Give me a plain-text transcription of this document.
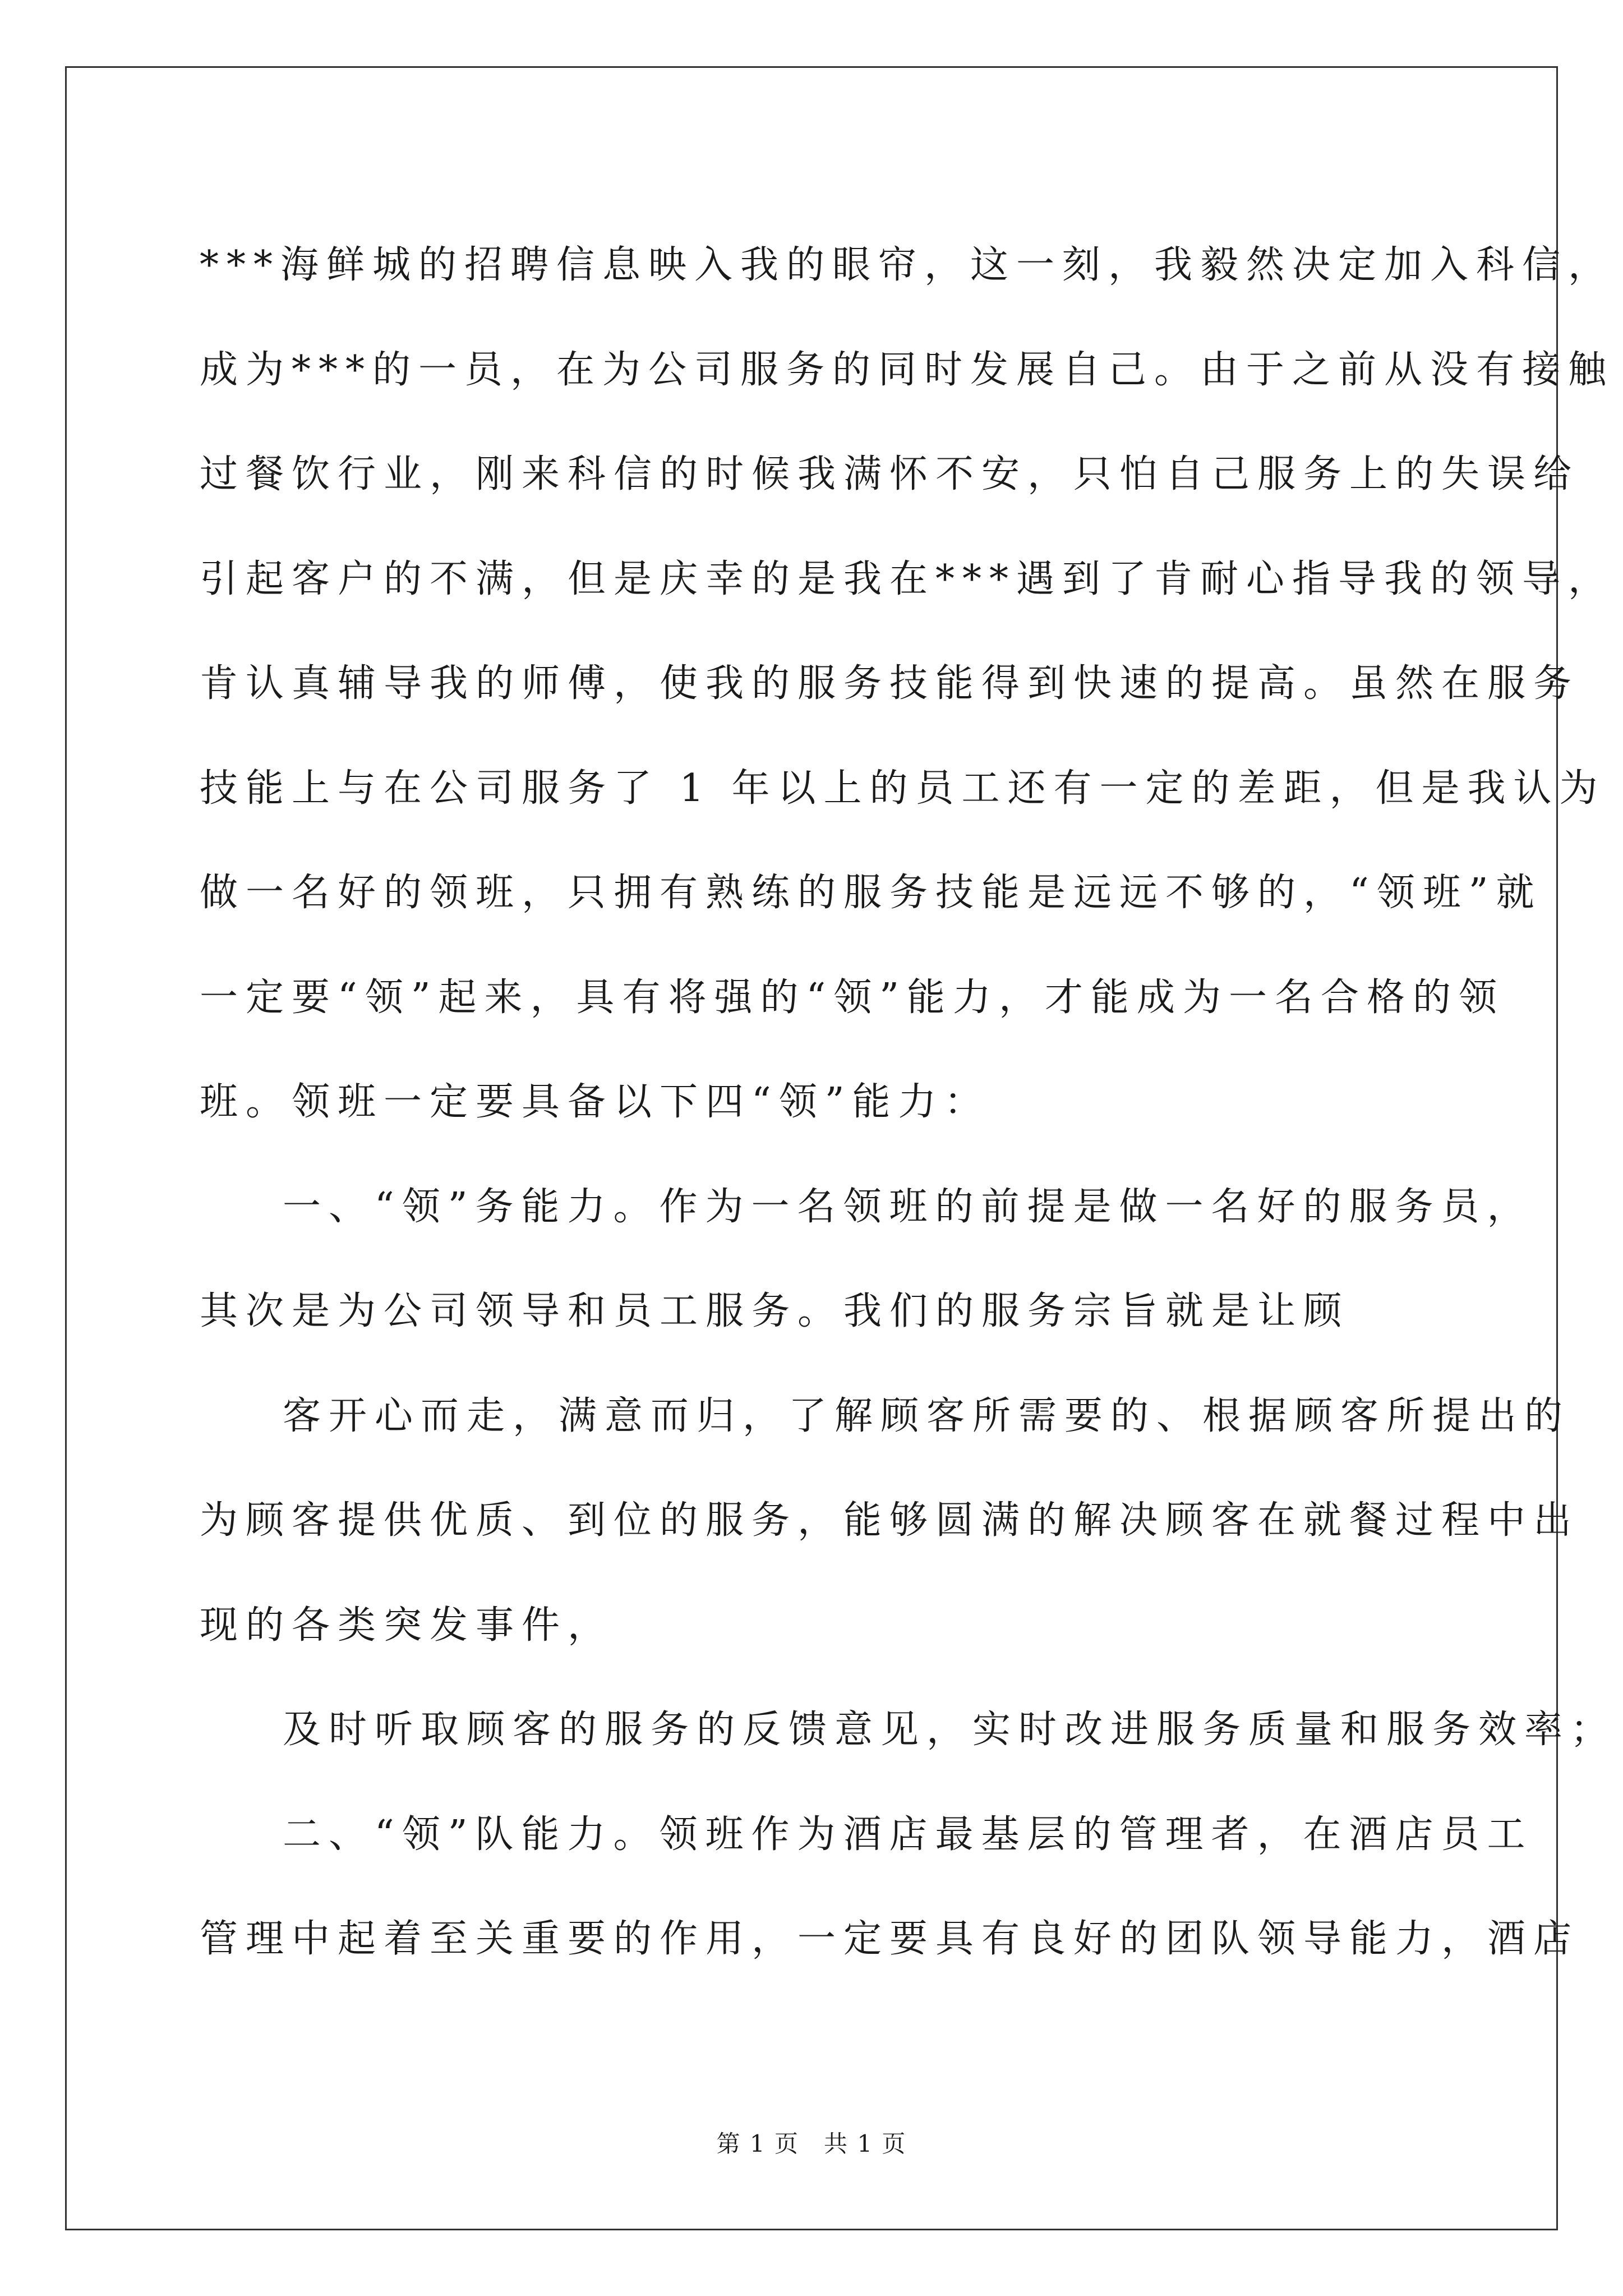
***海鲜城的招聘信息映入我的眼帘，这一刻，我毅然决定加入科信，
成为***的一员，在为公司服务的同时发展自己。由于之前从没有接触
过餐饮行业，刚来科信的时候我满怀不安，只怕自己服务上的失误给
引起客户的不满，但是庆幸的是我在***遇到了肯耐心指导我的领导，
肯认真辅导我的师傅，使我的服务技能得到快速的提高。虽然在服务
技能上与在公司服务了 1 年以上的员工还有一定的差距，但是我认为
做一名好的领班，只拥有熟练的服务技能是远远不够的，“领班”就
一定要“领”起来，具有将强的“领”能力，才能成为一名合格的领
班。领班一定要具备以下四“领”能力：
一、“领”务能力。作为一名领班的前提是做一名好的服务员，
其次是为公司领导和员工服务。我们的服务宗旨就是让顾
客开心而走，满意而归，了解顾客所需要的、根据顾客所提出的
为顾客提供优质、到位的服务，能够圆满的解决顾客在就餐过程中出
现的各类突发事件，
及时听取顾客的服务的反馈意见，实时改进服务质量和服务效率；
二、“领”队能力。领班作为酒店最基层的管理者，在酒店员工
管理中起着至关重要的作用，一定要具有良好的团队领导能力，酒店
第 1 页　共 1 页
